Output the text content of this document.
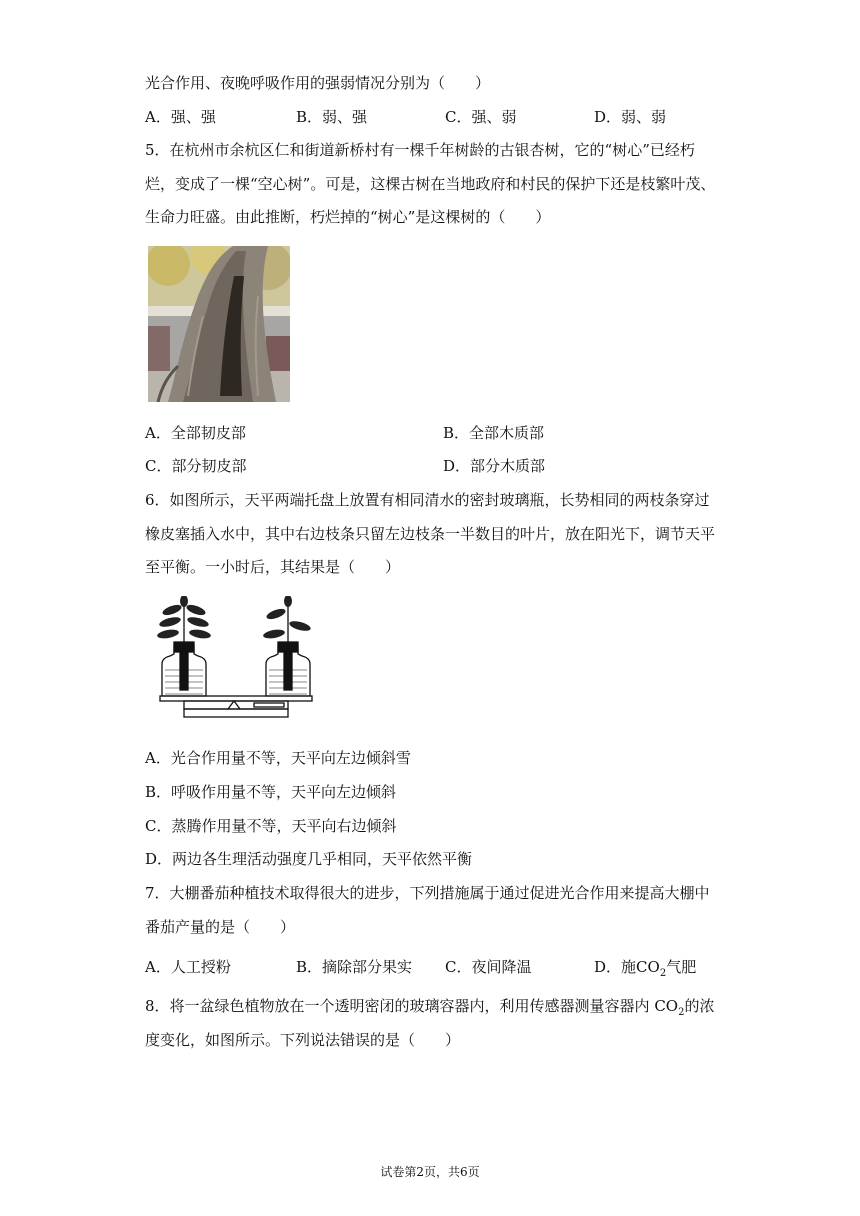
光合作用、夜晚呼吸作用的强弱情况分别为（　　）
A．强、强	B．弱、强	C．强、弱	D．弱、弱
5．在杭州市余杭区仁和街道新桥村有一棵千年树龄的古银杏树，它的“树心”已经朽
烂，变成了一棵“空心树”。可是，这棵古树在当地政府和村民的保护下还是枝繁叶茂、
生命力旺盛。由此推断，朽烂掉的“树心”是这棵树的（　　）
A．全部韧皮部	B．全部木质部
C．部分韧皮部	D．部分木质部
6．如图所示，天平两端托盘上放置有相同清水的密封玻璃瓶，长势相同的两枝条穿过
橡皮塞插入水中，其中右边枝条只留左边枝条一半数目的叶片，放在阳光下，调节天平
至平衡。一小时后，其结果是（　　）
A．光合作用量不等，天平向左边倾斜雪
B．呼吸作用量不等，天平向左边倾斜
C．蒸腾作用量不等，天平向右边倾斜
D．两边各生理活动强度几乎相同，天平依然平衡
7．大棚番茄种植技术取得很大的进步，下列措施属于通过促进光合作用来提高大棚中
番茄产量的是（　　）
A．人工授粉	B．摘除部分果实 C．夜间降温	D．施$CO_2$气肥
8．将一盆绿色植物放在一个透明密闭的玻璃容器内，利用传感器测量容器内 $CO_2$的浓
度变化，如图所示。下列说法错误的是（　　）
试卷第2页，共6页
